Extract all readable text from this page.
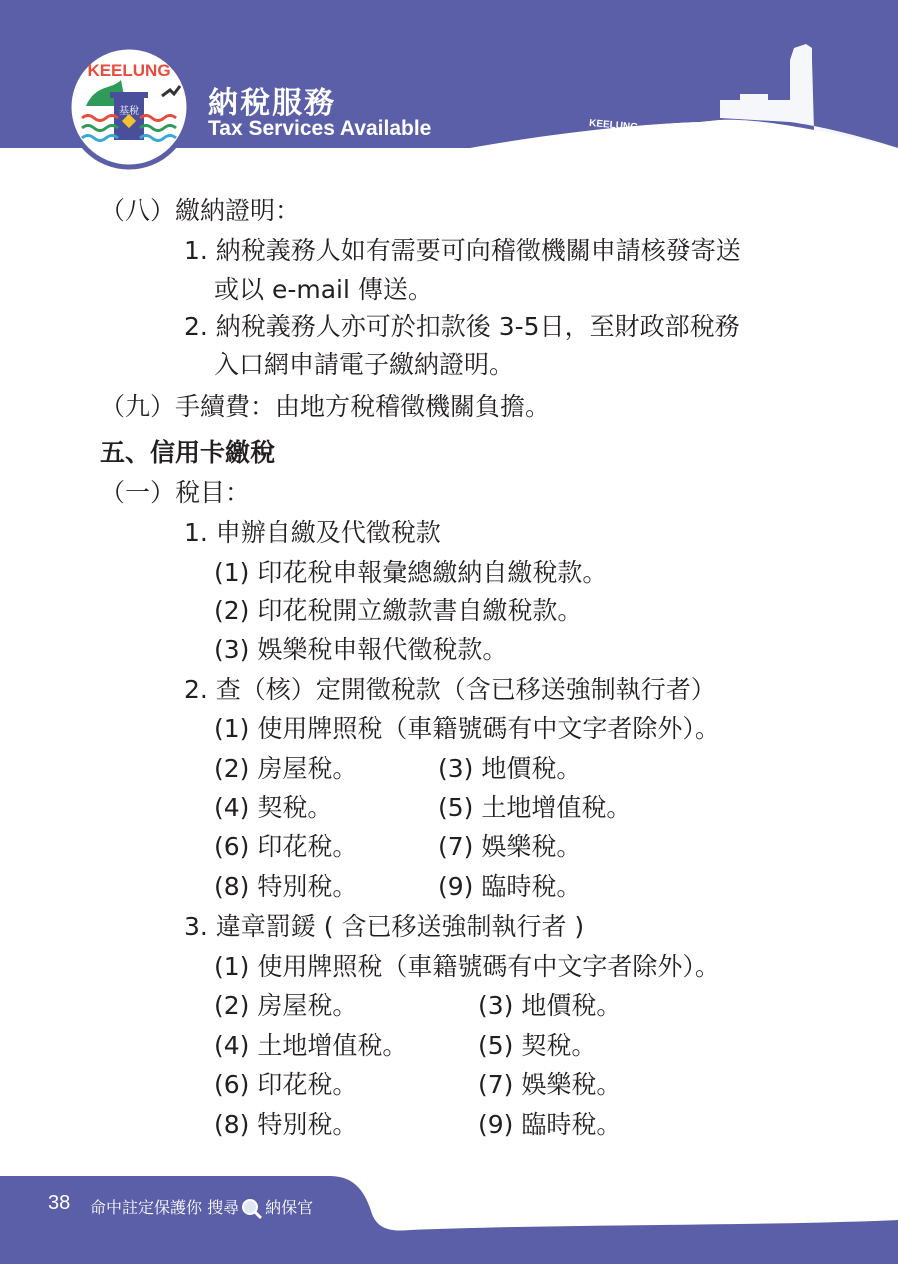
KEELUNG
基稅 納稅服務
Tax Services Available	KEELUNG
（八）繳納證明：
1. 納稅義務人如有需要可向稽徵機關申請核發寄送
或以 e-mail 傳送。
2. 納稅義務人亦可於扣款後 3-5日，至財政部稅務
入口網申請電子繳納證明。
（九）手續費：由地方稅稽徵機關負擔。
五、信用卡繳稅
（一）稅目：
1. 申辦自繳及代徵稅款
(1) 印花稅申報彙總繳納自繳稅款。
(2) 印花稅開立繳款書自繳稅款。
(3) 娛樂稅申報代徵稅款。
2. 查（核）定開徵稅款（含已移送強制執行者）
(1) 使用牌照稅（車籍號碼有中文字者除外）。
(2) 房屋稅。	(3) 地價稅。
(4) 契稅。	(5) 土地增值稅。
(6) 印花稅。	(7) 娛樂稅。
(8) 特別稅。	(9) 臨時稅。
3. 違章罰鍰 ( 含已移送強制執行者 )
(1) 使用牌照稅（車籍號碼有中文字者除外）。
(2) 房屋稅。	(3) 地價稅。
(4) 土地增值稅。	(5) 契稅。
(6) 印花稅。	(7) 娛樂稅。
(8) 特別稅。	(9) 臨時稅。
38 命中註定保護你 搜尋 納保官
